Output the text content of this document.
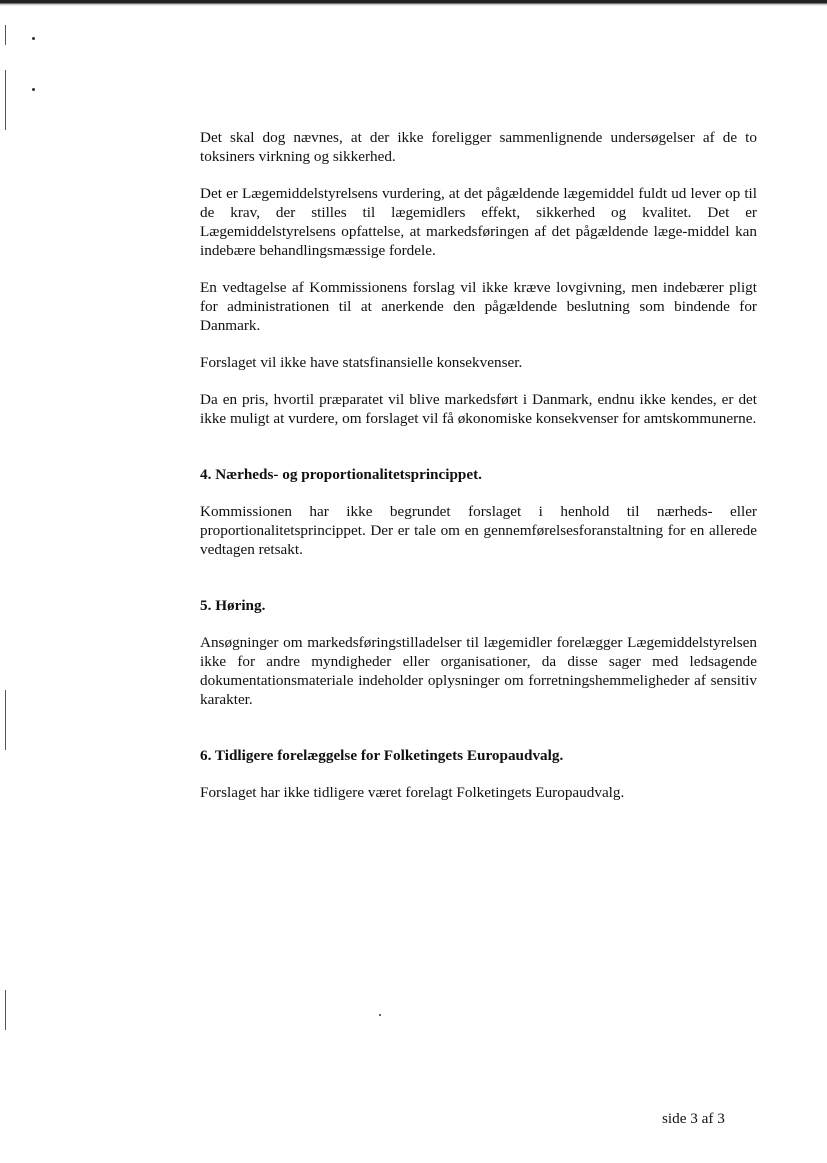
Det skal dog nævnes, at der ikke foreligger sammenlignende undersøgelser af de to toksiners virkning og sikkerhed.

Det er Lægemiddelstyrelsens vurdering, at det pågældende lægemiddel fuldt ud lever op til de krav, der stilles til lægemidlers effekt, sikkerhed og kvalitet. Det er Lægemiddelstyrelsens opfattelse, at markedsføringen af det pågældende læge-middel kan indebære behandlingsmæssige fordele.

En vedtagelse af Kommissionens forslag vil ikke kræve lovgivning, men indebærer pligt for administrationen til at anerkende den pågældende beslutning som bindende for Danmark.

Forslaget vil ikke have statsfinansielle konsekvenser.

Da en pris, hvortil præparatet vil blive markedsført i Danmark, endnu ikke kendes, er det ikke muligt at vurdere, om forslaget vil få økonomiske konsekvenser for amtskommunerne.

4. Nærheds- og proportionalitetsprincippet.

Kommissionen har ikke begrundet forslaget i henhold til nærheds- eller proportionalitetsprincippet. Der er tale om en gennemførelsesforanstaltning for en allerede vedtagen retsakt.

5. Høring.

Ansøgninger om markedsføringstilladelser til lægemidler forelægger Lægemiddelstyrelsen ikke for andre myndigheder eller organisationer, da disse sager med ledsagende dokumentationsmateriale indeholder oplysninger om forretningshemmeligheder af sensitiv karakter.

6. Tidligere forelæggelse for Folketingets Europaudvalg.

Forslaget har ikke tidligere været forelagt Folketingets Europaudvalg.

side 3 af 3
